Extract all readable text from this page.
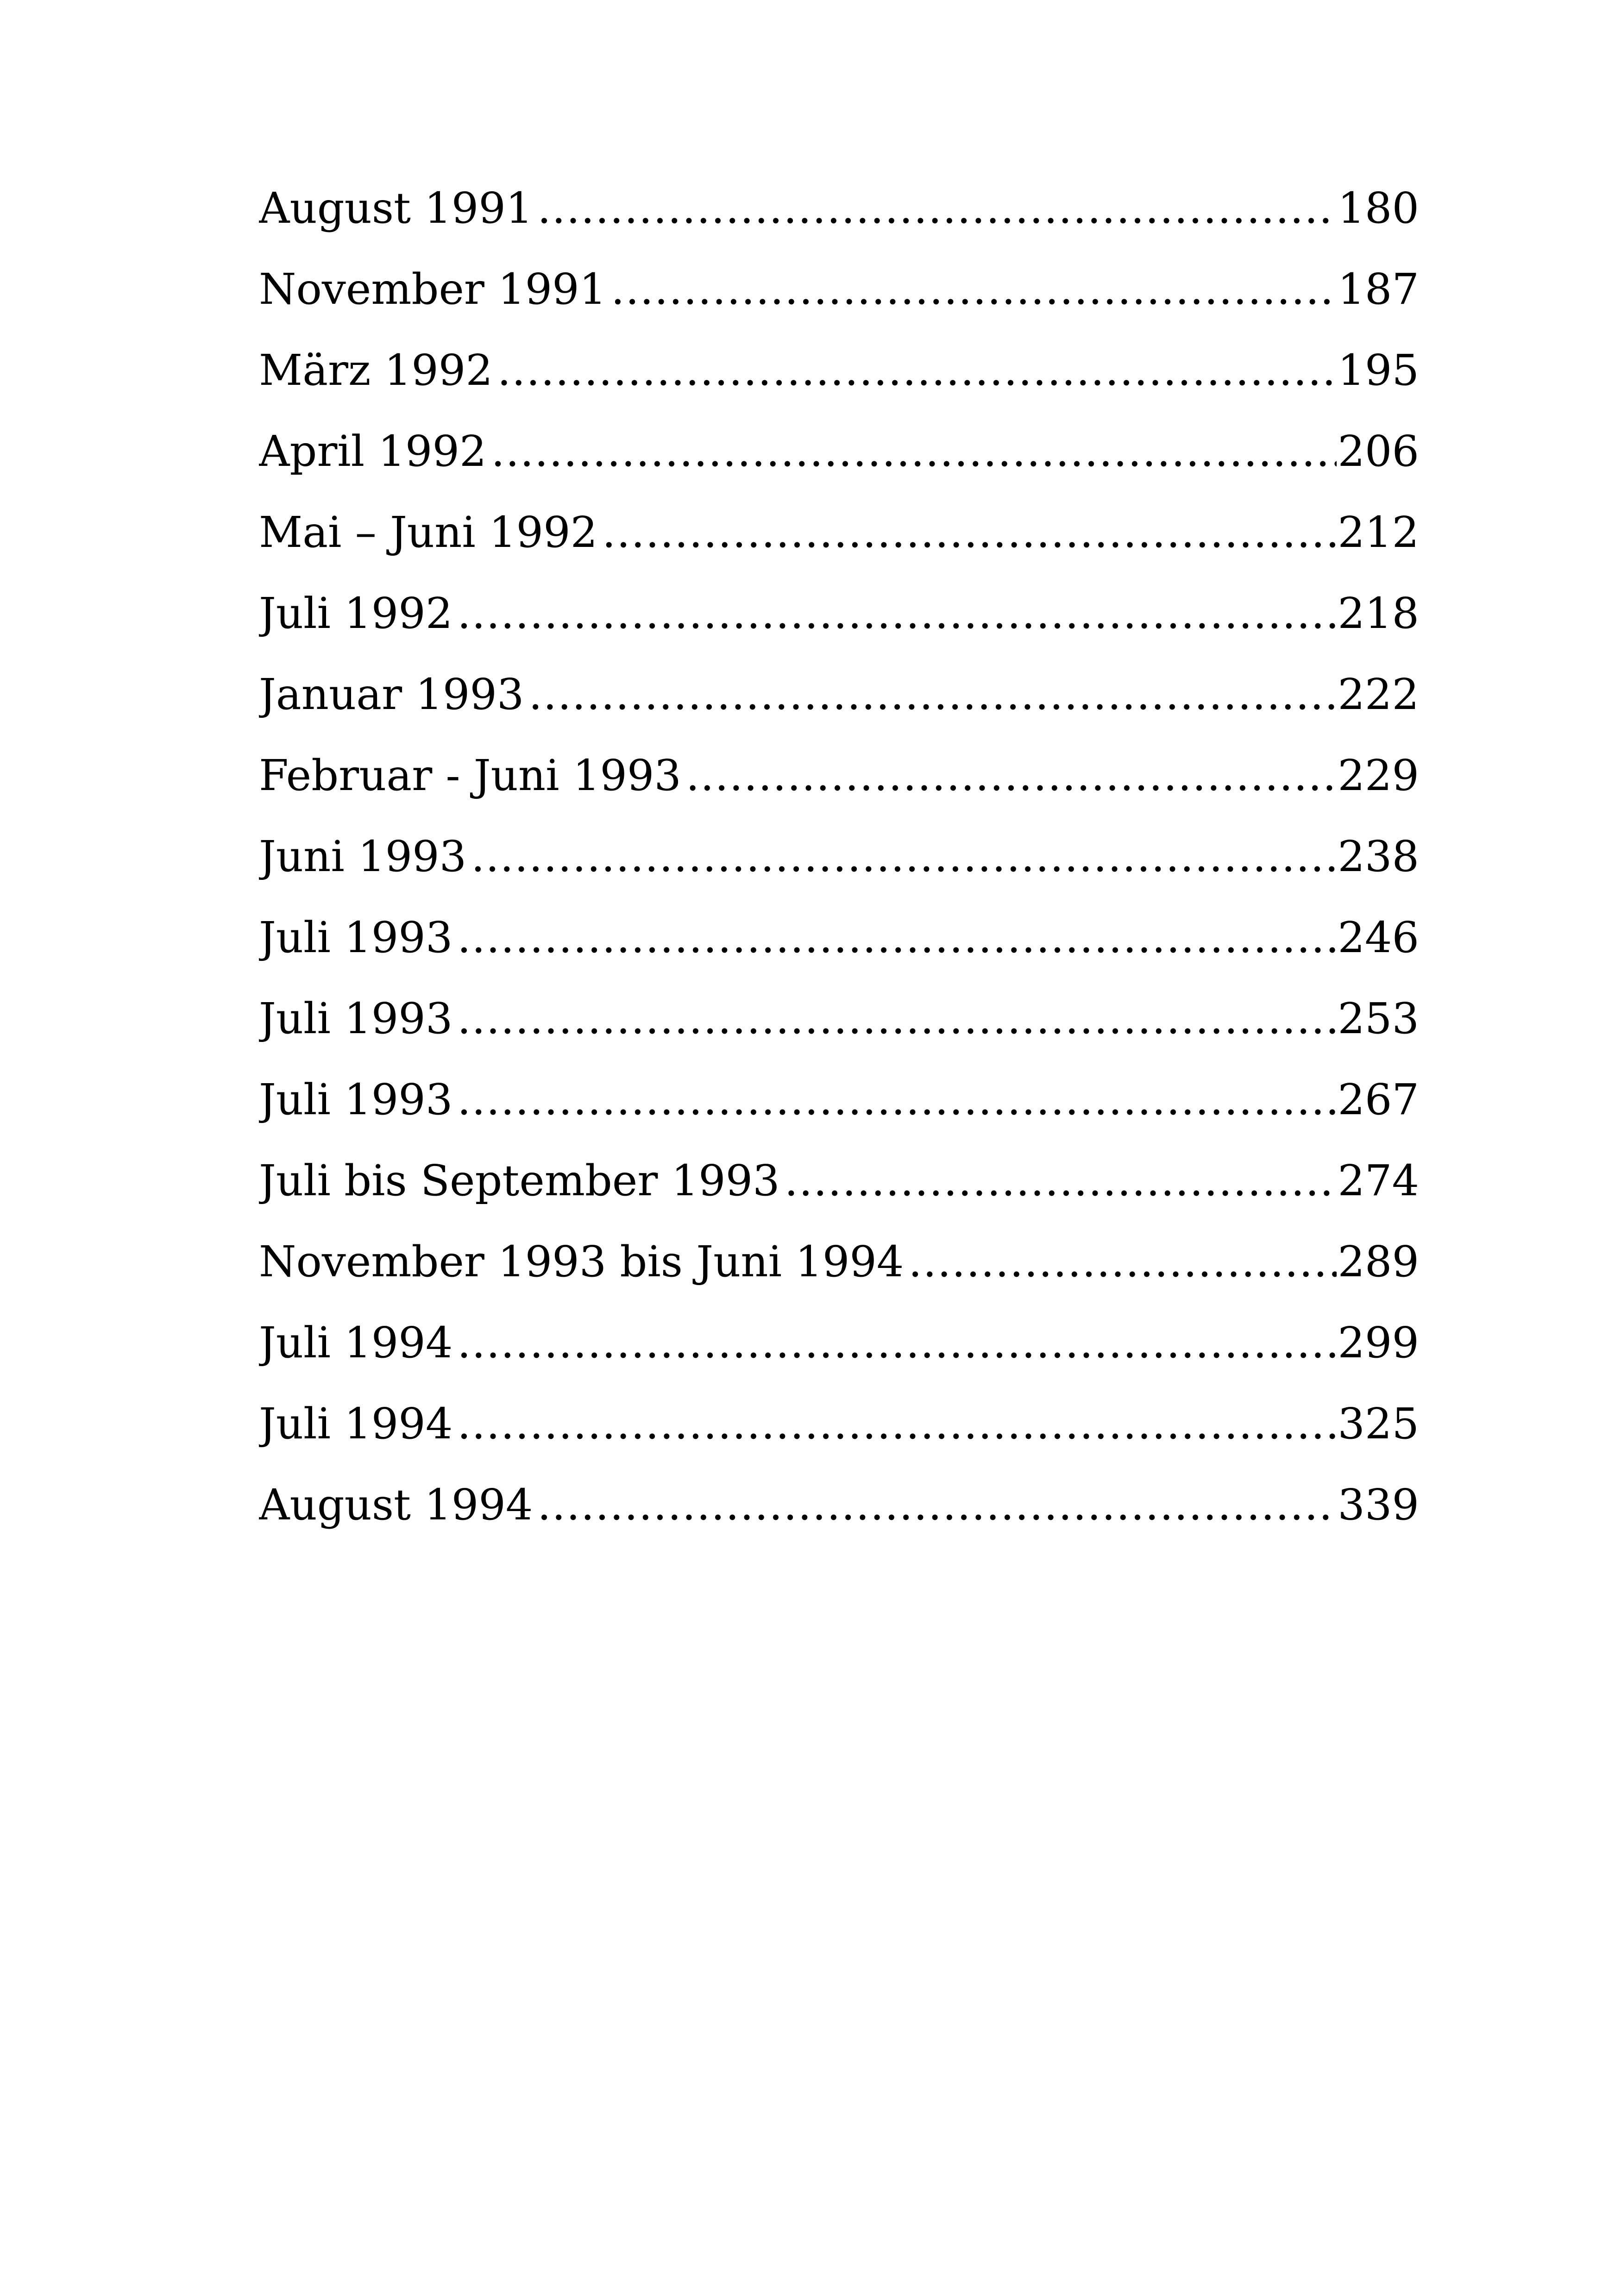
August 1991 .....	180
November 1991 .....	187
März 1992 .....	195
April 1992 .....	206
Mai – Juni 1992 .....	212
Juli 1992 .....	218
Januar 1993 .....	222
Februar - Juni 1993 .....	229
Juni 1993 .....	238
Juli 1993 .....	246
Juli 1993 .....	253
Juli 1993 .....	267
Juli bis September 1993 .....	274
November 1993 bis Juni 1994 .....	289
Juli 1994 .....	299
Juli 1994 .....	325
August 1994 .....	339
